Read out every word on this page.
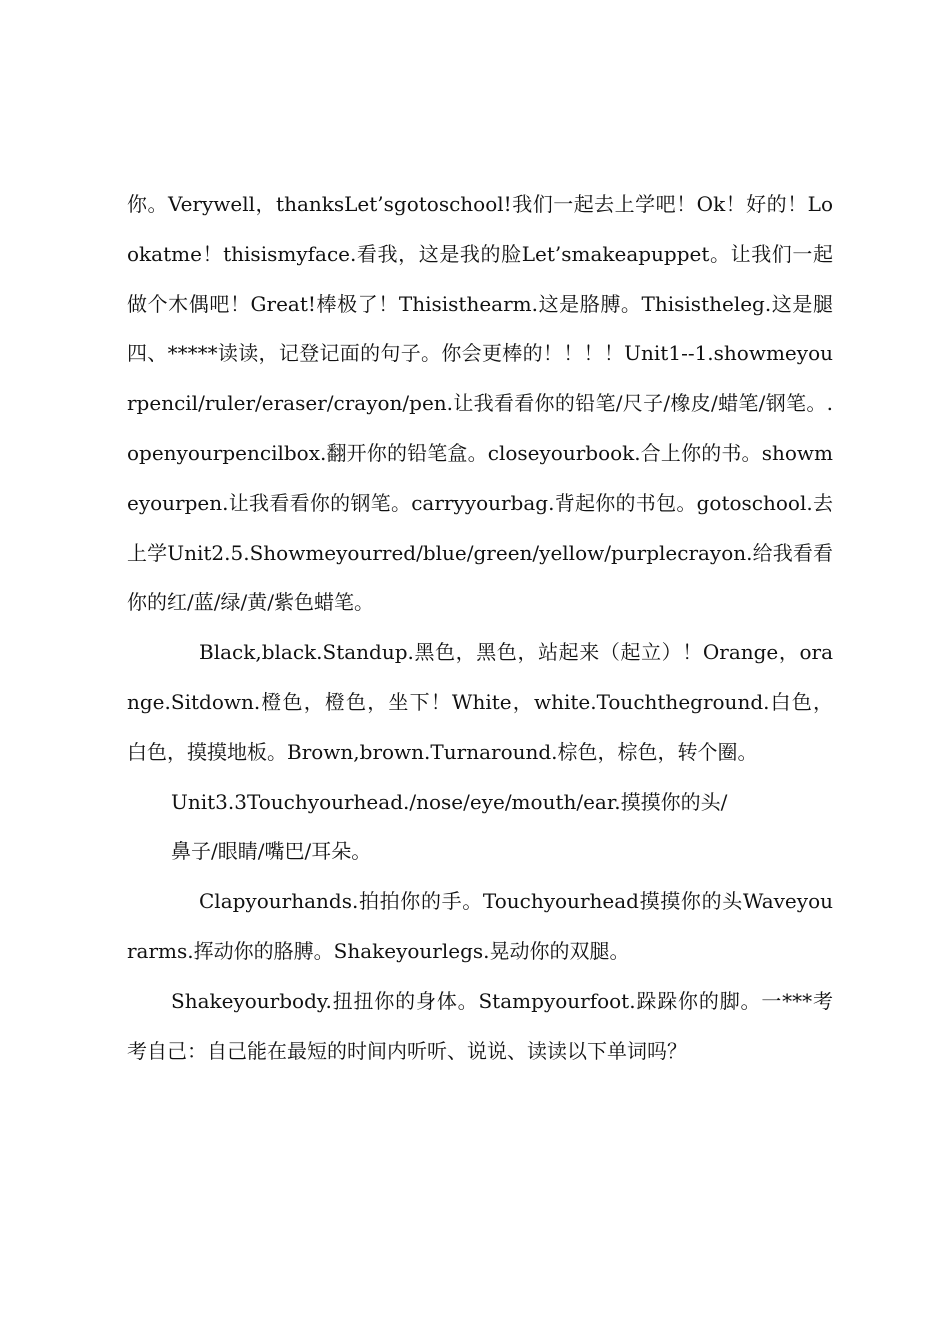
你。Verywell，thanksLet’sgotoschool!我们一起去上学吧！Ok！好的！Lookatme！thisismyface.看我，这是我的脸Let’smakeapuppet。让我们一起做个木偶吧！Great!棒极了！Thisisthearm.这是胳膊。Thisistheleg.这是腿四、*****读读，记登记面的句子。你会更棒的！！！！Unit1--1.showmeyourpencil/ruler/eraser/crayon/pen.让我看看你的铅笔/尺子/橡皮/蜡笔/钢笔。.openyourpencilbox.翻开你的铅笔盒。closeyourbook.合上你的书。showmeyourpen.让我看看你的钢笔。carryyourbag.背起你的书包。gotoschool.去上学Unit2.5.Showmeyourred/blue/green/yellow/purplecrayon.给我看看你的红/蓝/绿/黄/紫色蜡笔。

Black,black.Standup.黑色，黑色，站起来（起立）！Orange，orange.Sitdown.橙色，橙色，坐下！White，white.Touchtheground.白色，白色，摸摸地板。Brown,brown.Turnaround.棕色，棕色，转个圈。

Unit3.3Touchyourhead./nose/eye/mouth/ear.摸摸你的头/
鼻子/眼睛/嘴巴/耳朵。

Clapyourhands.拍拍你的手。Touchyourhead摸摸你的头Waveyourarms.挥动你的胳膊。Shakeyourlegs.晃动你的双腿。

Shakeyourbody.扭扭你的身体。Stampyourfoot.跺跺你的脚。一***考考自己：自己能在最短的时间内听听、说说、读读以下单词吗？
